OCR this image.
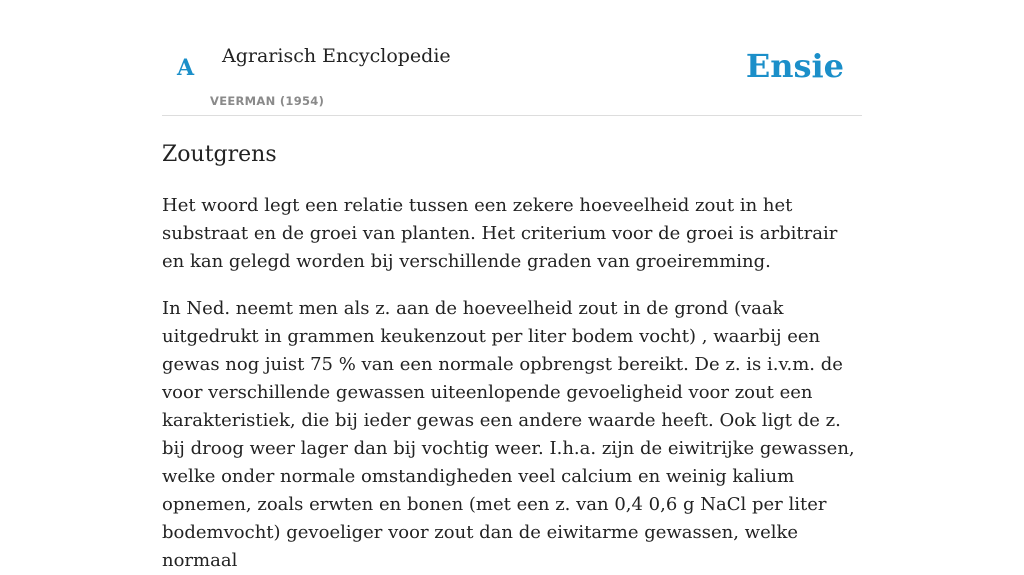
A Agrarisch Encyclopedie
VEERMAN (1954)
Ensie
Zoutgrens

Het woord legt een relatie tussen een zekere hoeveelheid zout in het substraat en de groei van planten. Het criterium voor de groei is arbitrair en kan gelegd worden bij verschillende graden van groeiremming.

In Ned. neemt men als z. aan de hoeveelheid zout in de grond (vaak uitgedrukt in grammen keukenzout per liter bodem vocht) , waarbij een gewas nog juist 75 % van een normale opbrengst bereikt. De z. is i.v.m. de voor verschillende gewassen uiteenlopende gevoeligheid voor zout een karakteristiek, die bij ieder gewas een andere waarde heeft. Ook ligt de z. bij droog weer lager dan bij vochtig weer. I.h.a. zijn de eiwitrijke gewassen, welke onder normale omstandigheden veel calcium en weinig kalium opnemen, zoals erwten en bonen (met een z. van 0,4 0,6 g NaCl per liter bodemvocht) gevoeliger voor zout dan de eiwitarme gewassen, welke normaal
